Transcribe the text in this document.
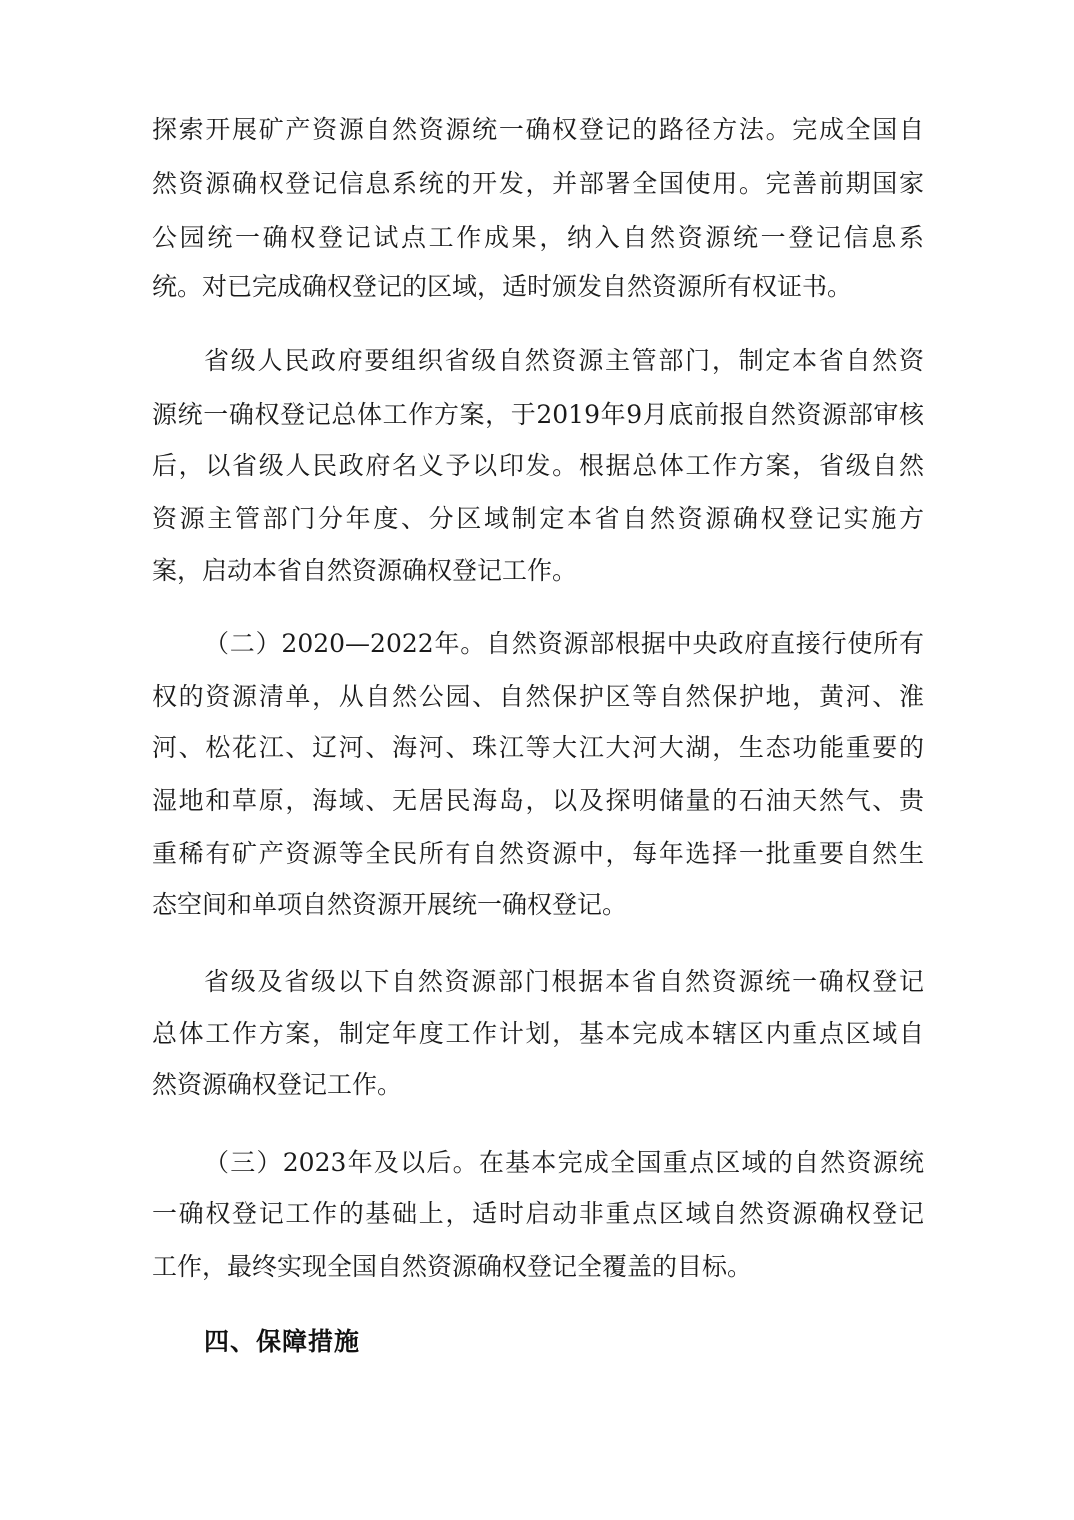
探索开展矿产资源自然资源统一确权登记的路径方法。完成全国自
然资源确权登记信息系统的开发，并部署全国使用。完善前期国家
公园统一确权登记试点工作成果，纳入自然资源统一登记信息系
统。对已完成确权登记的区域，适时颁发自然资源所有权证书。
省级人民政府要组织省级自然资源主管部门，制定本省自然资
源统一确权登记总体工作方案，于2019年9月底前报自然资源部审核
后，以省级人民政府名义予以印发。根据总体工作方案，省级自然
资源主管部门分年度、分区域制定本省自然资源确权登记实施方
案，启动本省自然资源确权登记工作。
（二）2020—2022年。自然资源部根据中央政府直接行使所有
权的资源清单，从自然公园、自然保护区等自然保护地，黄河、淮
河、松花江、辽河、海河、珠江等大江大河大湖，生态功能重要的
湿地和草原，海域、无居民海岛，以及探明储量的石油天然气、贵
重稀有矿产资源等全民所有自然资源中，每年选择一批重要自然生
态空间和单项自然资源开展统一确权登记。
省级及省级以下自然资源部门根据本省自然资源统一确权登记
总体工作方案，制定年度工作计划，基本完成本辖区内重点区域自
然资源确权登记工作。
（三）2023年及以后。在基本完成全国重点区域的自然资源统
一确权登记工作的基础上，适时启动非重点区域自然资源确权登记
工作，最终实现全国自然资源确权登记全覆盖的目标。
四、保障措施
